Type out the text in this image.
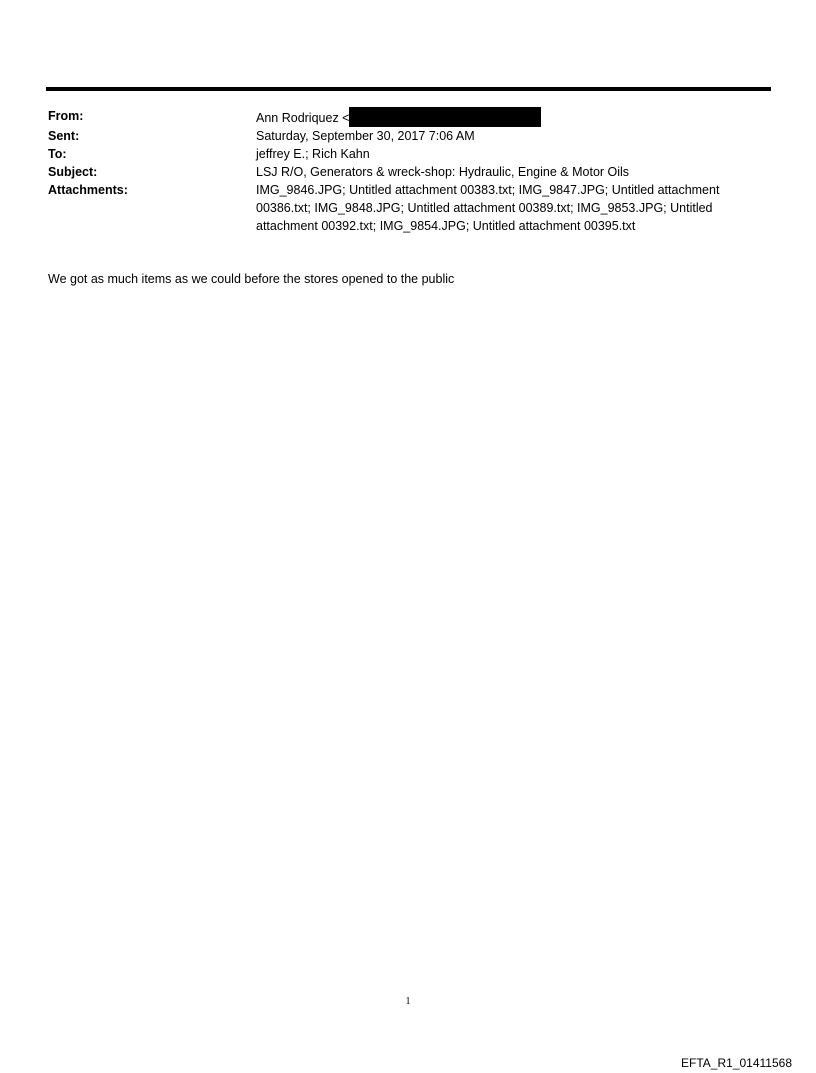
From:	Ann Rodriquez <
Sent:	Saturday, September 30, 2017 7:06 AM
To:	jeffrey E.; Rich Kahn
Subject:	LSJ R/O, Generators & wreck-shop: Hydraulic, Engine & Motor Oils
Attachments:	IMG_9846.JPG; Untitled attachment 00383.txt; IMG_9847.JPG; Untitled attachment 00386.txt; IMG_9848.JPG; Untitled attachment 00389.txt; IMG_9853.JPG; Untitled attachment 00392.txt; IMG_9854.JPG; Untitled attachment 00395.txt
We got as much items as we could before the stores opened to the public
1
EFTA_R1_01411568
